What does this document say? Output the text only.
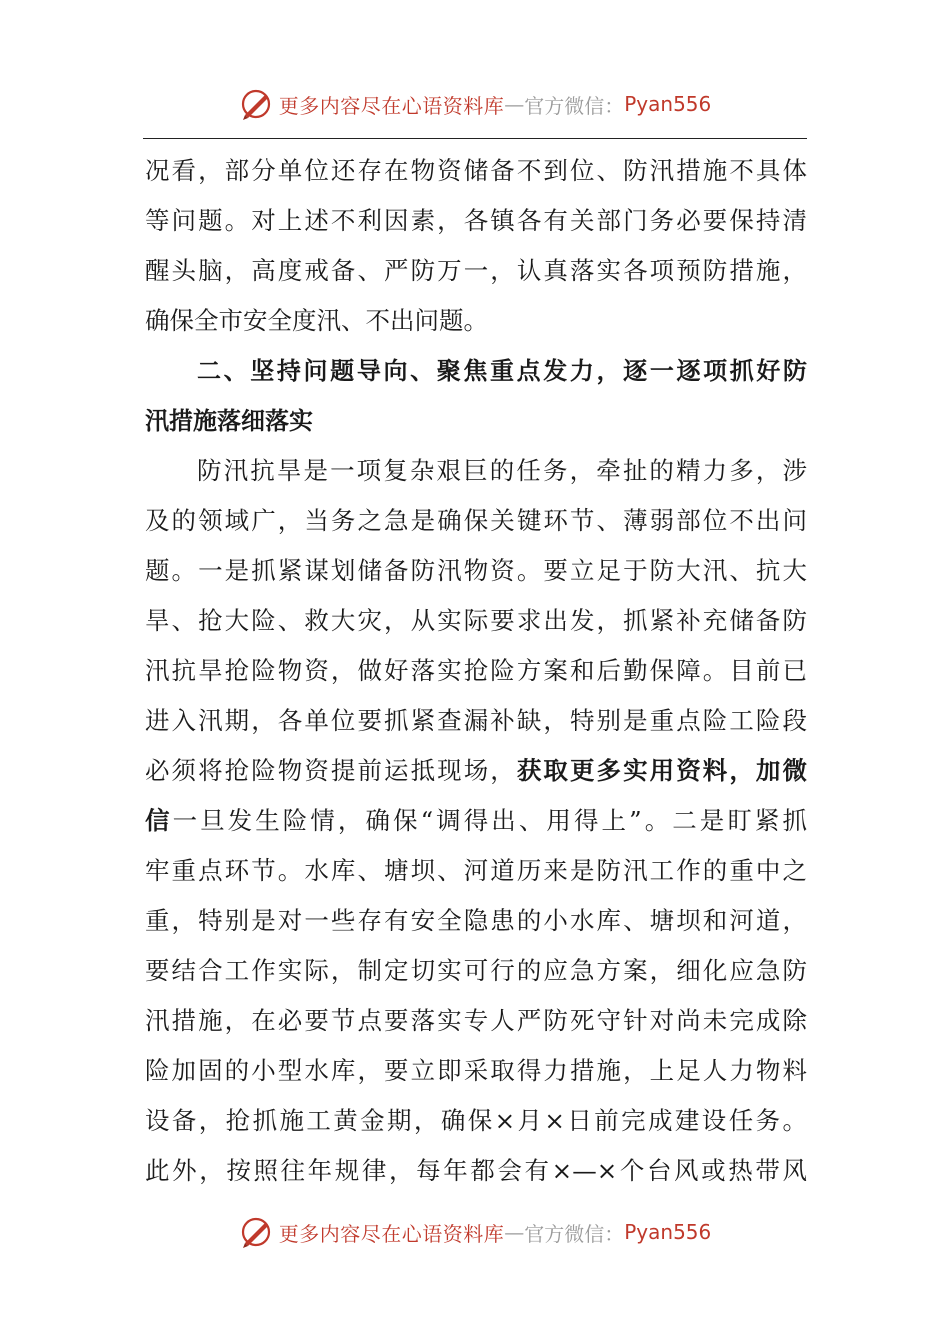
更多内容尽在心语资料库 — 官方微信： Pyan556
况看，部分单位还存在物资储备不到位、防汛措施不具体
等问题。对上述不利因素，各镇各有关部门务必要保持清
醒头脑，高度戒备、严防万一，认真落实各项预防措施，
确保全市安全度汛、不出问题。
二、坚持问题导向、聚焦重点发力，逐一逐项抓好防
汛措施落细落实
防汛抗旱是一项复杂艰巨的任务，牵扯的精力多，涉
及的领域广，当务之急是确保关键环节、薄弱部位不出问
题。一是抓紧谋划储备防汛物资。要立足于防大汛、抗大
旱、抢大险、救大灾，从实际要求出发，抓紧补充储备防
汛抗旱抢险物资，做好落实抢险方案和后勤保障。目前已
进入汛期，各单位要抓紧查漏补缺，特别是重点险工险段
必须将抢险物资提前运抵现场，获取更多实用资料，加微
信一旦发生险情，确保“调得出、用得上”。二是盯紧抓
牢重点环节。水库、塘坝、河道历来是防汛工作的重中之
重，特别是对一些存有安全隐患的小水库、塘坝和河道，
要结合工作实际，制定切实可行的应急方案，细化应急防
汛措施，在必要节点要落实专人严防死守针对尚未完成除
险加固的小型水库，要立即采取得力措施，上足人力物料
设备，抢抓施工黄金期，确保×月×日前完成建设任务。
此外，按照往年规律，每年都会有×—×个台风或热带风
更多内容尽在心语资料库 — 官方微信： Pyan556
